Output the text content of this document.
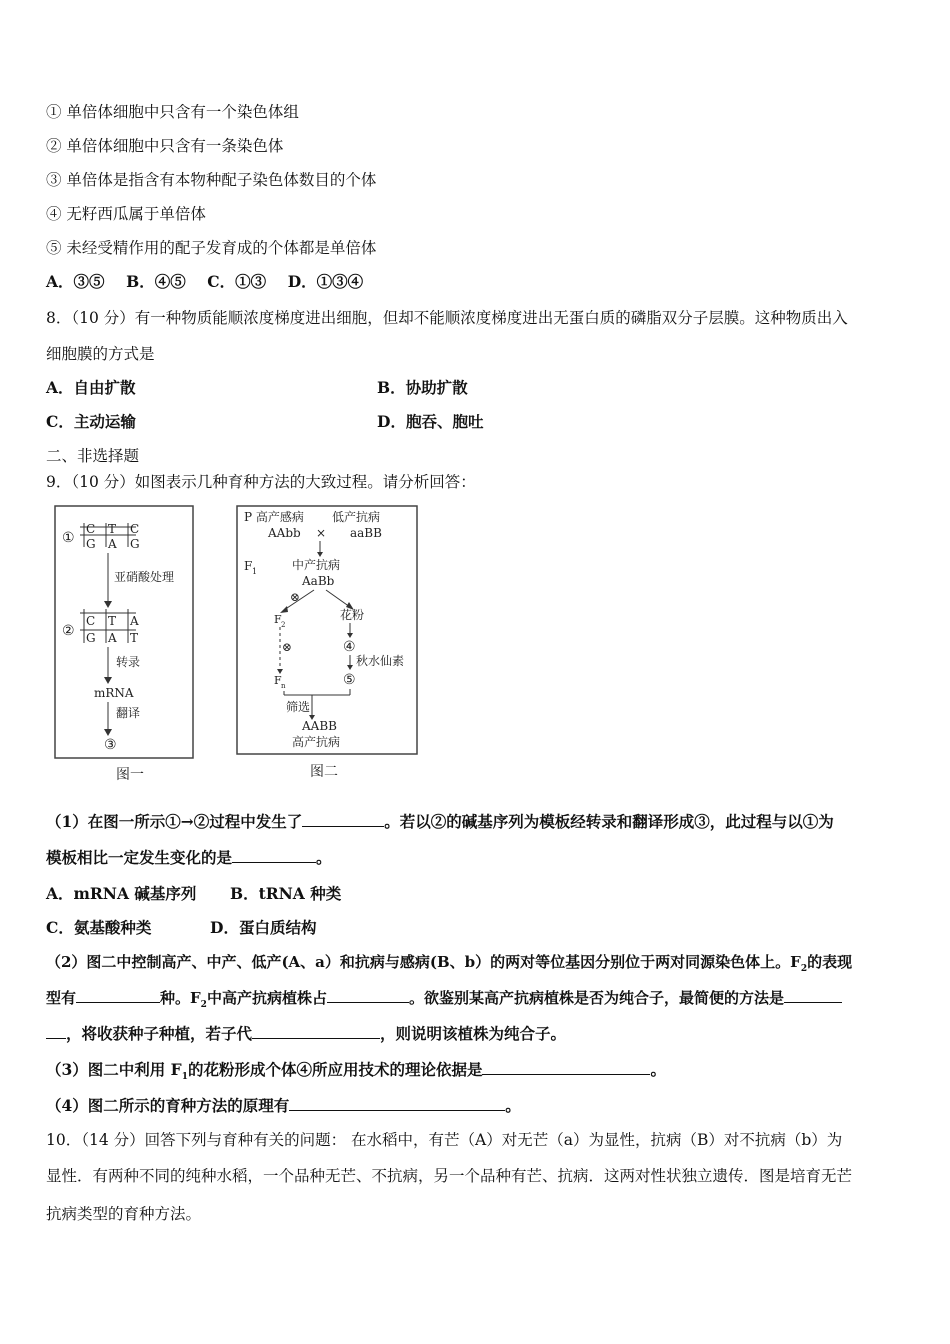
① 单倍体细胞中只含有一个染色体组
② 单倍体细胞中只含有一条染色体
③ 单倍体是指含有本物种配子染色体数目的个体
④ 无籽西瓜属于单倍体
⑤ 未经受精作用的配子发育成的个体都是单倍体
A．③⑤    B．④⑤    C．①③    D．①③④
8．（10 分）有一种物质能顺浓度梯度进出细胞，但却不能顺浓度梯度进出无蛋白质的磷脂双分子层膜。这种物质出入
细胞膜的方式是
A．自由扩散	B．协助扩散
C．主动运输	D．胞吞、胞吐
二、非选择题
9．（10 分）如图表示几种育种方法的大致过程。请分析回答：
①
C T C
G A G
亚硝酸处理
②
C T A
G A T
转录
mRNA
翻译
③
图一
P 高产感病 低产抗病
AAbb × aaBB
F 1	中产抗病
AaBb
⊗
F 2
⊗
F n
花粉
④
秋水仙素
⑤
筛选
AABB
高产抗病
图二
（1）在图一所示①→②过程中发生了	。若以②的碱基序列为模板经转录和翻译形成③，此过程与以①为
模板相比一定发生变化的是	。
A．mRNA 碱基序列 B．tRNA 种类
C．氨基酸种类	D．蛋白质结构
（2）图二中控制高产、中产、低产(A、a）和抗病与感病(B、b）的两对等位基因分别位于两对同源染色体上。$F_2$的表现
型有	种。$F_2$中高产抗病植株占	。欲鉴别某高产抗病植株是否为纯合子，最简便的方法是
，将收获种子种植，若子代	，则说明该植株为纯合子。
（3）图二中利用 $F_1$的花粉形成个体④所应用技术的理论依据是	。
（4）图二所示的育种方法的原理有	。
10．（14 分）回答下列与育种有关的问题： 在水稻中，有芒（A）对无芒（a）为显性，抗病（B）对不抗病（b）为
显性．有两种不同的纯种水稻，一个品种无芒、不抗病，另一个品种有芒、抗病．这两对性状独立遗传．图是培育无芒
抗病类型的育种方法。
